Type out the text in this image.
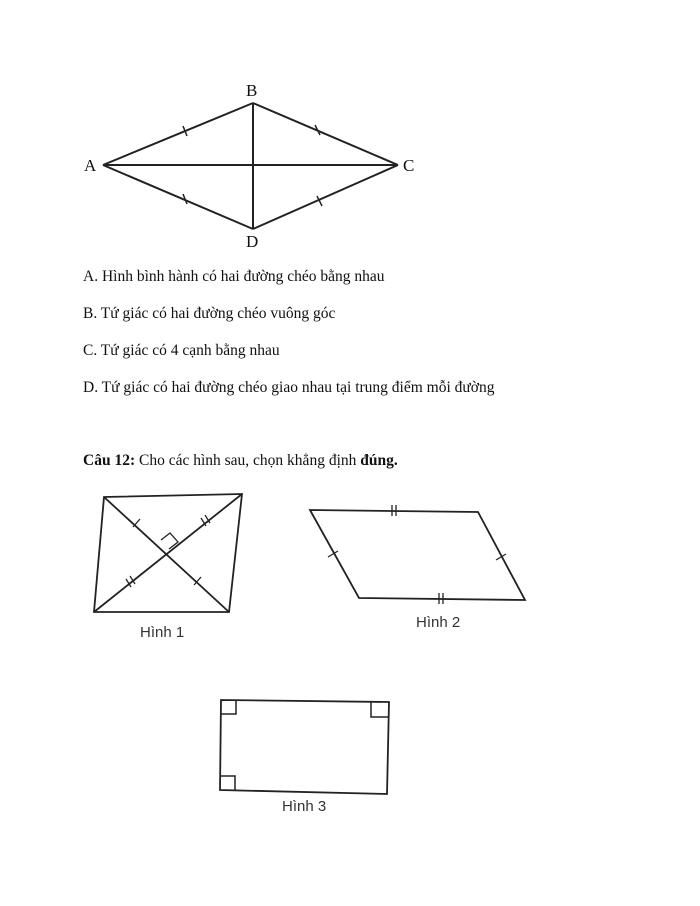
A
B
C
D
A. Hình bình hành có hai đường chéo bằng nhau
B. Tứ giác có hai đường chéo vuông góc
C. Tứ giác có 4 cạnh bằng nhau
D. Tứ giác có hai đường chéo giao nhau tại trung điểm mỗi đường
Câu 12: Cho các hình sau, chọn khẳng định đúng.
Hình 1
Hình 2
Hình 3
